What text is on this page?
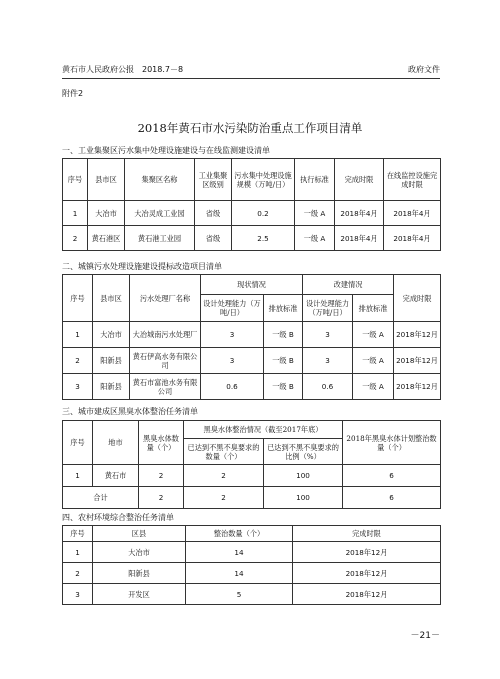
黄石市人民政府公报　2018.7－8	政府文件
附件2
2018年黄石市水污染防治重点工作项目清单
一、工业集聚区污水集中处理设施建设与在线监测建设清单
序号	县市区	集聚区名称	工业集聚区级别	污水集中处理设施规模（万吨/日）	执行标准	完成时限	在线监控设施完成时限
1	大冶市	大冶灵成工业园	省级	0.2	一级 A	2018年4月	2018年4月
2	黄石港区	黄石港工业园	省级	2.5	一级 A	2018年4月	2018年4月
二、城镇污水处理设施建设提标改造项目清单
序号	县市区	污水处理厂名称	现状情况		改建情况		完成时限
			设计处理能力（万吨/日）	排放标准	设计处理能力（万吨/日）	排放标准	
1	大冶市	大冶城南污水处理厂	3	一级 B	3	一级 A	2018年12月
2	阳新县	黄石伊高水务有限公司	3	一级 B	3	一级 A	2018年12月
3	阳新县	黄石市富池水务有限公司	0.6	一级 B	0.6	一级 A	2018年12月
三、城市建成区黑臭水体整治任务清单
序号	地市	黑臭水体数量（个）	黑臭水体整治情况（截至2017年底）		2018年黑臭水体计划整治数量（个）
			已达到不黑不臭要求的数量（个）	已达到不黑不臭要求的比例（%）	
1	黄石市	2	2	100	6
合计		2	2	100	6
四、农村环境综合整治任务清单
序号	区县	整治数量（个）	完成时限
1	大冶市	14	2018年12月
2	阳新县	14	2018年12月
3	开发区	5	2018年12月
－21－
